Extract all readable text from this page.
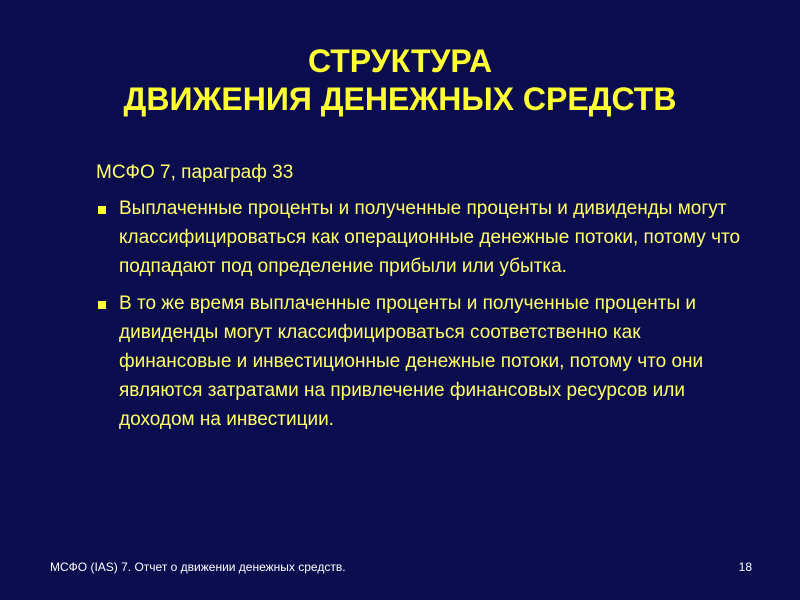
СТРУКТУРА
ДВИЖЕНИЯ ДЕНЕЖНЫХ СРЕДСТВ
МСФО 7, параграф 33
Выплаченные проценты и полученные проценты и дивиденды могут классифицироваться как операционные денежные потоки, потому что подпадают под определение прибыли или убытка.
В то же время выплаченные проценты и полученные проценты и дивиденды могут классифицироваться соответственно как финансовые и инвестиционные денежные потоки, потому что они являются затратами на привлечение финансовых ресурсов или доходом на инвестиции.
МСФО (IAS) 7. Отчет о движении денежных средств.	18
